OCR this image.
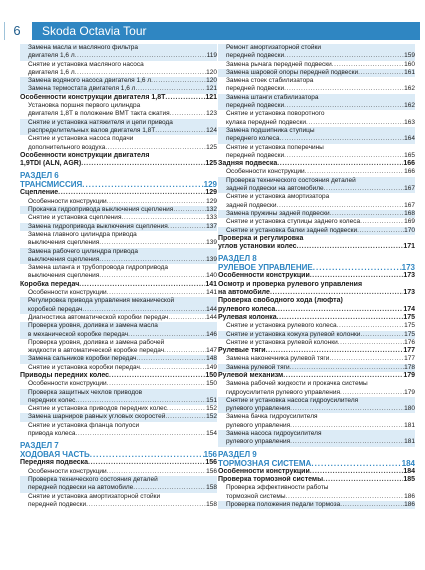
6	Skoda Octavia Tour
Замена масла и масляного фильтра
двигателя 1,6 л .....	119
Снятие и установка масляного насоса
двигателя 1,6 л .....	120
Замена водяного насоса двигателя 1,6 л .....	120
Замена термостата двигателя 1,6 л .....	121
Особенности конструкции двигателя 1,8Т .....	121
Установка поршня первого цилиндра
двигателя 1,8Т в положение ВМТ такта сжатия .....	123
Снятие и установка натяжителя и цепи привода
распределительных валов двигателя 1,8Т .....	124
Снятие и установка насоса подачи
дополнительного воздуха .....	125
Особенности конструкции двигателя
1,9TDI (ALN, AGR) .....	125
РАЗДЕЛ 6
ТРАНСМИССИЯ .....	129
Сцепление .....	129
Особенности конструкции .....	129
Прокачка гидропривода выключения сцепления .....	132
Снятие и установка сцепления .....	133
Замена гидропривода выключения сцепления .....	137
Замена главного цилиндра привода
выключения сцепления .....	139
Замена рабочего цилиндра привода
выключения сцепления .....	139
Замена шланга и трубопровода гидропривода
выключения сцепления .....	140
Коробка передач .....	141
Особенности конструкции .....	141
Регулировка привода управления механической
коробкой передач .....	144
Диагностика автоматической коробки передач .....	144
Проверка уровня, доливка и замена масла
в механической коробке передач .....	146
Проверка уровня, доливка и замена рабочей
жидкости в автоматической коробке передач .....	147
Замена сальников коробки передач .....	148
Снятие и установка коробки передач .....	149
Приводы передних колес .....	150
Особенности конструкции .....	150
Проверка защитных чехлов приводов
передних колес .....	151
Снятие и установка приводов передних колес .....	152
Замена шарниров равных угловых скоростей .....	152
Снятие и установка фланца полуоси
привода колеса .....	154
РАЗДЕЛ 7
ХОДОВАЯ ЧАСТЬ .....	156
Передняя подвеска .....	156
Особенности конструкции .....	156
Проверка технического состояния деталей
передней подвески на автомобиле .....	158
Снятие и установка амортизаторной стойки
передней подвески .....	158
Ремонт амортизаторной стойки
передней подвески .....	159
Замена рычага передней подвески .....	160
Замена шаровой опоры передней подвески .....	161
Замена стоек стабилизатора
передней подвески .....	162
Замена штанги стабилизатора
передней подвески .....	162
Снятие и установка поворотного
кулака передней подвески .....	163
Замена подшипника ступицы
переднего колеса .....	164
Снятие и установка поперечины
передней подвески .....	165
Задняя подвеска .....	166
Особенности конструкции .....	166
Проверка технического состояния деталей
задней подвески на автомобиле .....	167
Снятие и установка амортизатора
задней подвески .....	167
Замена пружины задней подвески .....	168
Снятие и установка ступицы заднего колеса .....	169
Снятие и установка балки задней подвески .....	170
Проверка и регулировка
углов установки колес .....	171
РАЗДЕЛ 8
РУЛЕВОЕ УПРАВЛЕНИЕ .....	173
Особенности конструкции .....	173
Осмотр и проверка рулевого управления
на автомобиле .....	173
Проверка свободного хода (люфта)
рулевого колеса .....	174
Рулевая колонка .....	175
Снятие и установка рулевого колеса .....	175
Снятие и установка кожуха рулевой колонки .....	175
Снятие и установка рулевой колонки .....	176
Рулевые тяги .....	177
Замена наконечника рулевой тяги .....	177
Замена рулевой тяги .....	178
Рулевой механизм .....	179
Замена рабочей жидкости и прокачка системы
гидроусилителя рулевого управления .....	179
Снятие и установка насоса гидроусилителя
рулевого управления .....	180
Замена бачка гидроусилителя
рулевого управления .....	181
Замена насоса гидроусилителя
рулевого управления .....	181
РАЗДЕЛ 9
ТОРМОЗНАЯ СИСТЕМА .....	184
Особенности конструкции .....	184
Проверка тормозной системы .....	185
Проверка эффективности работы
тормозной системы .....	186
Проверка положения педали тормоза .....	186
